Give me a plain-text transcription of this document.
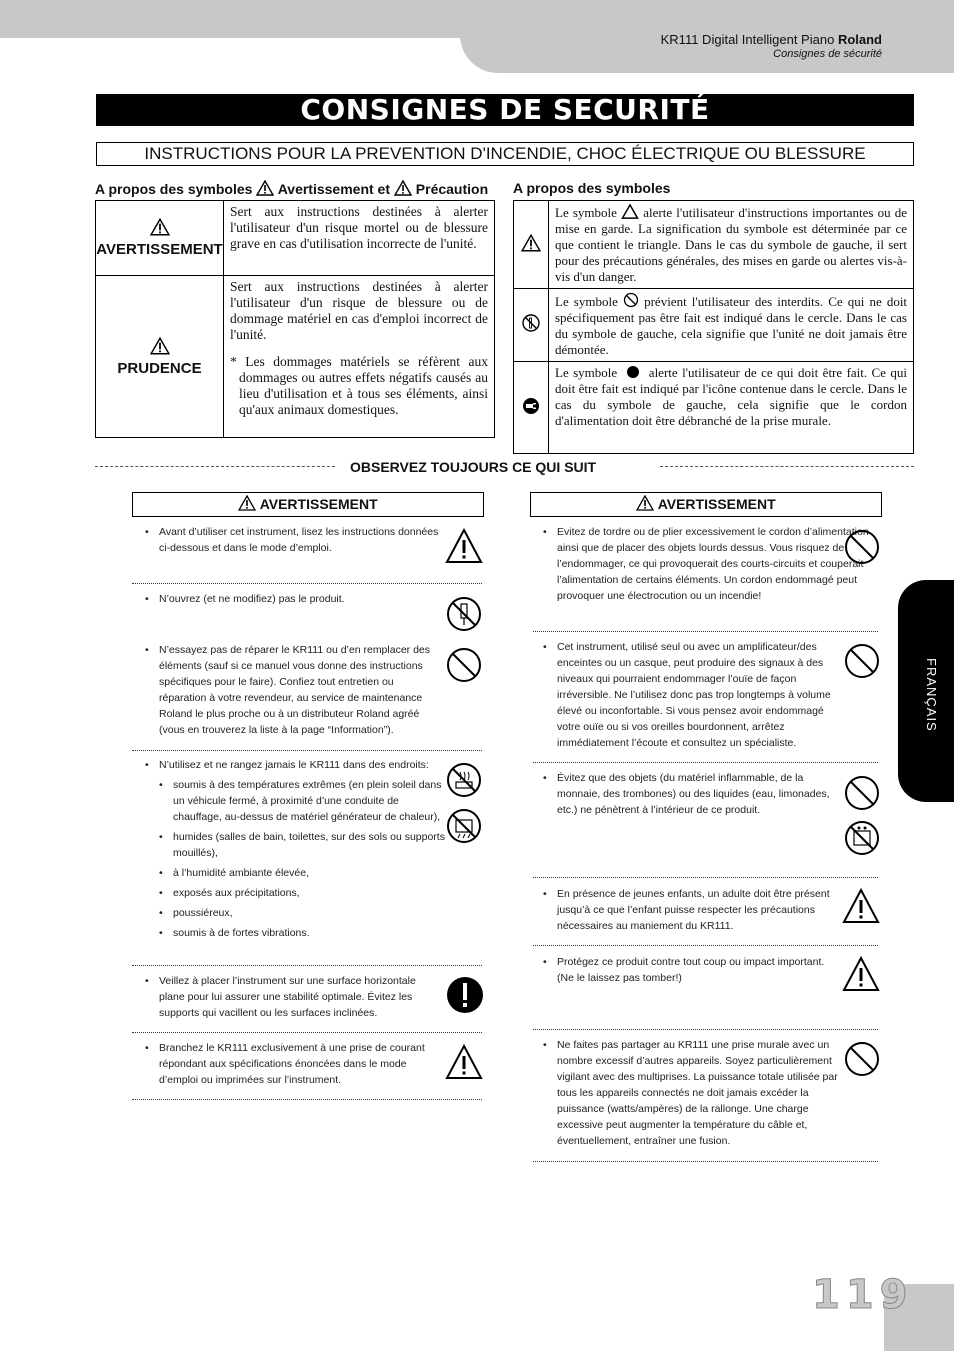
KR111 Digital Intelligent Piano Roland
Consignes de sécurité
CONSIGNES DE SECURITÉ
INSTRUCTIONS POUR LA PREVENTION D'INCENDIE, CHOC ÉLECTRIQUE OU BLESSURE
A propos des symboles Avertissement et Précaution
AVERTISSEMENT	Sert aux instructions destinées à alerter l'utilisateur d'un risque mortel ou de blessure grave en cas d'utilisation incorrecte de l'unité.

PRUDENCE	Sert aux instructions destinées à alerter l'utilisateur d'un risque de blessure ou de dommage matériel en cas d'emploi incorrect de l'unité.
* Les dommages matériels se réfèrent aux dommages ou autres effets négatifs causés au lieu d'utilisation et à tous ses éléments, ainsi qu'aux animaux domestiques.
A propos des symboles
	Le symbole alerte l'utilisateur d'instructions importantes ou de mise en garde. La signification du symbole est déterminée par ce que contient le triangle. Dans le cas du symbole de gauche, il sert pour des précautions générales, des mises en garde ou alertes vis-à-vis d'un danger.
	Le symbole prévient l'utilisateur des interdits. Ce qui ne doit spécifiquement pas être fait est indiqué dans le cercle. Dans le cas du symbole de gauche, cela signifie que l'unité ne doit jamais être démontée.
	Le symbole alerte l'utilisateur de ce qui doit être fait. Ce qui doit être fait est indiqué par l'icône contenue dans le cercle. Dans le cas du symbole de gauche, cela signifie que le cordon d'alimentation doit être débranché de la prise murale.
OBSERVEZ TOUJOURS CE QUI SUIT
AVERTISSEMENT	AVERTISSEMENT
• Avant d’utiliser cet instrument, lisez les instructions données ci-dessous et dans le mode d’emploi.
• N’ouvrez (et ne modifiez) pas le produit.
• N’essayez pas de réparer le KR111 ou d’en remplacer des éléments (sauf si ce manuel vous donne des instructions spécifiques pour le faire). Confiez tout entretien ou réparation à votre revendeur, au service de maintenance Roland le plus proche ou à un distributeur Roland agréé (vous en trouverez la liste à la page “Information”).
• N’utilisez et ne rangez jamais le KR111 dans des endroits:
• soumis à des températures extrêmes (en plein soleil dans un véhicule fermé, à proximité d’une conduite de chauffage, au-dessus de matériel générateur de chaleur),
• humides (salles de bain, toilettes, sur des sols ou supports mouillés),
• à l’humidité ambiante élevée,
• exposés aux précipitations,
• poussiéreux,
• soumis à de fortes vibrations.
• Veillez à placer l’instrument sur une surface horizontale plane pour lui assurer une stabilité optimale. Évitez les supports qui vacillent ou les surfaces inclinées.
• Branchez le KR111 exclusivement à une prise de courant répondant aux spécifications énoncées dans le mode d’emploi ou imprimées sur l’instrument.
• Evitez de tordre ou de plier excessivement le cordon d’alimentation ainsi que de placer des objets lourds dessus. Vous risquez de l’endommager, ce qui provoquerait des courts-circuits et couperait l’alimentation de certains éléments. Un cordon endommagé peut provoquer une électrocution ou un incendie!
• Cet instrument, utilisé seul ou avec un amplificateur/des enceintes ou un casque, peut produire des signaux à des niveaux qui pourraient endommager l’ouïe de façon irréversible. Ne l’utilisez donc pas trop longtemps à volume élevé ou inconfortable. Si vous pensez avoir endommagé votre ouïe ou si vos oreilles bourdonnent, arrêtez immédiatement l’écoute et consultez un spécialiste.
• Évitez que des objets (du matériel inflammable, de la monnaie, des trombones) ou des liquides (eau, limonades, etc.) ne pénètrent à l’intérieur de ce produit.
• En présence de jeunes enfants, un adulte doit être présent jusqu’à ce que l’enfant puisse respecter les précautions nécessaires au maniement du KR111.
• Protégez ce produit contre tout coup ou impact important.
(Ne le laissez pas tomber!)
• Ne faites pas partager au KR111 une prise murale avec un nombre excessif d’autres appareils. Soyez particulièrement vigilant avec des multiprises. La puissance totale utilisée par tous les appareils connectés ne doit jamais excéder la puissance (watts/ampères) de la rallonge. Une charge excessive peut augmenter la température du câble et, éventuellement, entraîner une fusion.
FRANÇAIS
119
